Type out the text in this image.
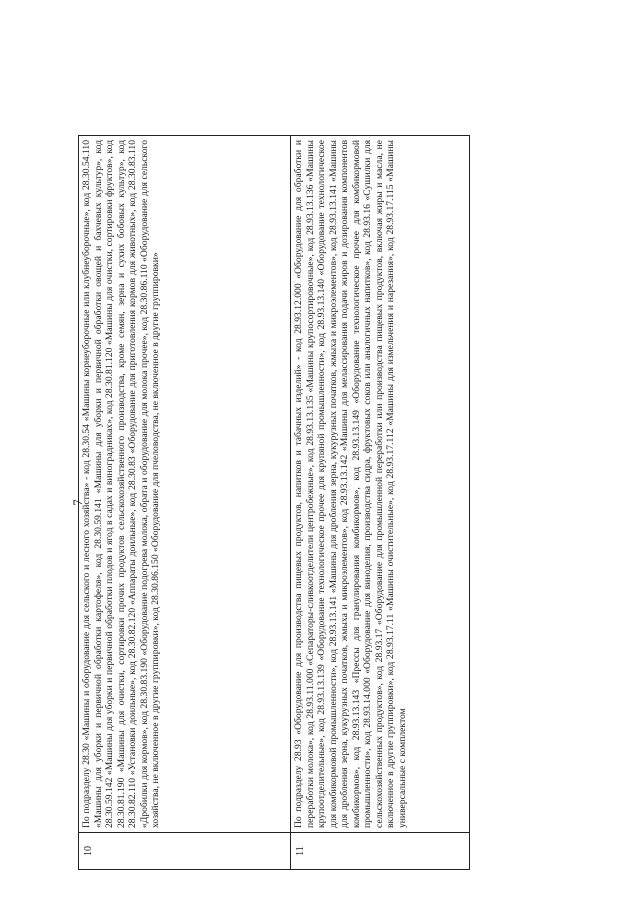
7
10	По подразделу 28.30 «Машины и оборудование для сельского и лесного хозяйства» - код 28.30.54 «Машины корнеуборочные или клубнеуборочные», код 28.30.54.110 «Машины для уборки и первичной обработки картофеля», код 28.30.59.141 «Машины для уборки и первичной обработки овощей и бахчевых культур», код 28.30.59.142 «Машины для уборки и первичной обработки плодов и ягод в садах и виноградниках», код 28.30.81.120 «Машины для очистки, сортировки фруктов», код 28.30.81.190 «Машины для очистки, сортировки прочих продуктов сельскохозяйственного производства, кроме семян, зерна и сухих бобовых культур», код 28.30.82.110 «Установки доильные», код 28.30.82.120 «Аппараты доильные», код 28.30.83 «Оборудование для приготовления кормов для животных», код 28.30.83.110 «Дробилки для кормов», код 28.30.83.190 «Оборудование подогрева молока, обрата и оборудование для молока прочее», код 28.30.86.110 «Оборудование для сельского хозяйства, не включенное в другие группировки», код 28.30.86.150 «Оборудование для пчеловодства, не включенное в другие группировки»
11	По подразделу 28.93 «Оборудование для производства пищевых продуктов, напитков и табачных изделий» - код 28.93.12.000 «Оборудование для обработки и переработки молока», код 28.93.11.000 «Сепараторы-сливкоотделители центробежные», код 28.93.13.135 «Машины крупосортировочные», код 28.93.13.136 «Машины крупоотделительные», код 28.93.13.139 «Оборудование технологическое прочее для крупяной промышленности», код 28.93.13.140 «Оборудование технологическое для комбикормовой промышленности», код 28.93.13.141 «Машины для дробления зерна, кукурузных початков, жмыха и микроэлементов», код 28.93.13.141 «Машины для дробления зерна, кукурузных початков, жмыха и микроэлементов», код 28.93.13.142 «Машины для мелассирования подачи жиров и дозирования компонентов комбикормов», код 28.93.13.143 «Прессы для гранулирования комбикормов», код 28.93.13.149 «Оборудование технологическое прочее для комбикормовой промышленности», код 28.93.14.000 «Оборудование для виноделия, производства сидра, фруктовых соков или аналогичных напитков», код 28.93.16 «Сушилки для сельскохозяйственных продуктов», код 28.93.17 «Оборудование для промышленной переработки или производства пищевых продуктов, включая жиры и масла, не включенное в другие группировки», код 28.93.17.11 «Машины очистительные», код 28.93.17.112 «Машины для измельчения и нарезания», код 28.93.17.115 «Машины универсальные с комплектом
